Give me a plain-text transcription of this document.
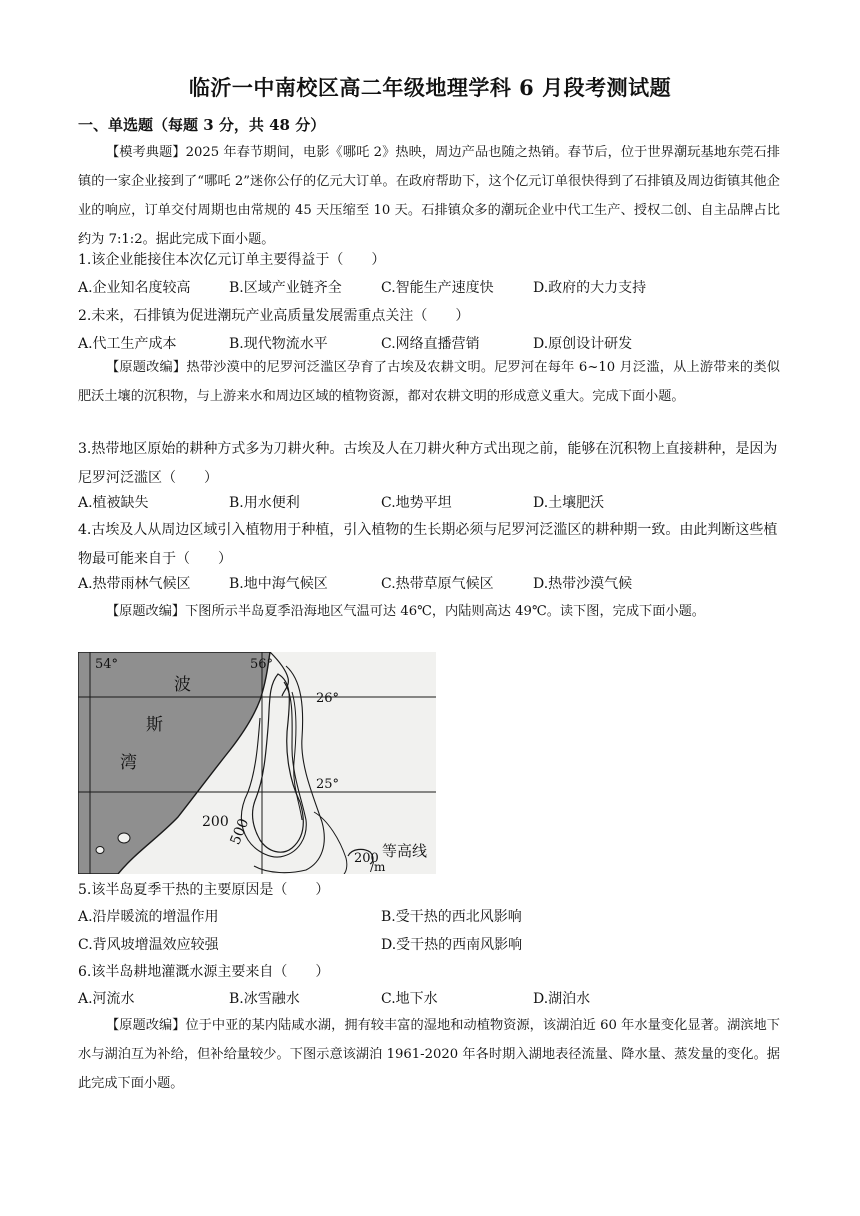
临沂一中南校区高二年级地理学科 6 月段考测试题
一、单选题（每题 3 分，共 48 分）
【模考典题】2025 年春节期间，电影《哪吒 2》热映，周边产品也随之热销。春节后，位于世界潮玩基地东莞石排镇的一家企业接到了“哪吒 2”迷你公仔的亿元大订单。在政府帮助下，这个亿元订单很快得到了石排镇及周边街镇其他企业的响应，订单交付周期也由常规的 45 天压缩至 10 天。石排镇众多的潮玩企业中代工生产、授权二创、自主品牌占比约为 7:1:2。据此完成下面小题。
1.该企业能接住本次亿元订单主要得益于（　　）
A.企业知名度较高	B.区域产业链齐全	C.智能生产速度快	D.政府的大力支持
2.未来，石排镇为促进潮玩产业高质量发展需重点关注（　　）
A.代工生产成本	B.现代物流水平	C.网络直播营销	D.原创设计研发
【原题改编】热带沙漠中的尼罗河泛滥区孕育了古埃及农耕文明。尼罗河在每年 6~10 月泛滥，从上游带来的类似肥沃土壤的沉积物，与上游来水和周边区域的植物资源，都对农耕文明的形成意义重大。完成下面小题。
3.热带地区原始的耕种方式多为刀耕火种。古埃及人在刀耕火种方式出现之前，能够在沉积物上直接耕种，是因为尼罗河泛滥区（　　）
A.植被缺失	B.用水便利	C.地势平坦	D.土壤肥沃
4.古埃及人从周边区域引入植物用于种植，引入植物的生长期必须与尼罗河泛滥区的耕种期一致。由此判断这些植物最可能来自于（　　）
A.热带雨林气候区	B.地中海气候区	C.热带草原气候区	D.热带沙漠气候
【原题改编】下图所示半岛夏季沿海地区气温可达 46℃，内陆则高达 49℃。读下图，完成下面小题。
54°	56°
26°
25°
波
斯
湾
200
500
200 等高线
/m
5.该半岛夏季干热的主要原因是（　　）
A.沿岸暖流的增温作用	B.受干热的西北风影响
C.背风坡增温效应较强	D.受干热的西南风影响
6.该半岛耕地灌溉水源主要来自（　　）
A.河流水	B.冰雪融水	C.地下水	D.湖泊水
【原题改编】位于中亚的某内陆咸水湖，拥有较丰富的湿地和动植物资源，该湖泊近 60 年水量变化显著。湖滨地下水与湖泊互为补给，但补给量较少。下图示意该湖泊 1961-2020 年各时期入湖地表径流量、降水量、蒸发量的变化。据此完成下面小题。
